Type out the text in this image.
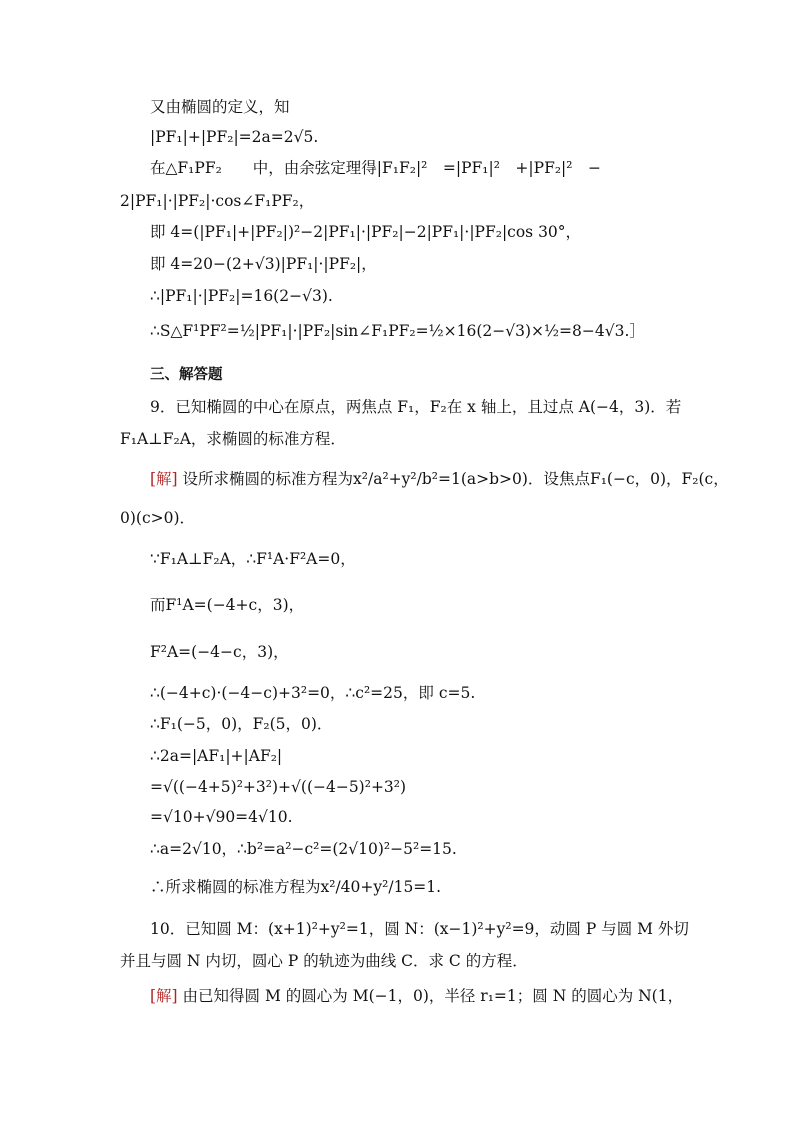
又由椭圆的定义，知
|PF₁|+|PF₂|=2a=2√5.
在△F₁PF₂　　中，由余弦定理得|F₁F₂|²　=|PF₁|²　+|PF₂|²　−
2|PF₁|·|PF₂|·cos∠F₁PF₂，
即 4=(|PF₁|+|PF₂|)²−2|PF₁|·|PF₂|−2|PF₁|·|PF₂|cos 30°，
即 4=20−(2+√3)|PF₁|·|PF₂|，
∴|PF₁|·|PF₂|=16(2−√3).
∴S△F¹PF²=½|PF₁|·|PF₂|sin∠F₁PF₂=½×16(2−√3)×½=8−4√3.］
三、解答题
9．已知椭圆的中心在原点，两焦点 F₁，F₂在 x 轴上，且过点 A(−4，3)．若
F₁A⊥F₂A，求椭圆的标准方程．
[解] 设所求椭圆的标准方程为x²/a²+y²/b²=1(a>b>0)．设焦点F₁(−c，0)，F₂(c，
0)(c>0)．
∵F₁A⊥F₂A，∴F¹A·F²A=0，
而F¹A=(−4+c，3)，
F²A=(−4−c，3)，
∴(−4+c)·(−4−c)+3²=0，∴c²=25，即 c=5.
∴F₁(−5，0)，F₂(5，0)．
∴2a=|AF₁|+|AF₂|
=√((−4+5)²+3²)+√((−4−5)²+3²)
=√10+√90=4√10.
∴a=2√10，∴b²=a²−c²=(2√10)²−5²=15.
∴所求椭圆的标准方程为x²/40+y²/15=1.
10．已知圆 M：(x+1)²+y²=1，圆 N：(x−1)²+y²=9，动圆 P 与圆 M 外切
并且与圆 N 内切，圆心 P 的轨迹为曲线 C．求 C 的方程．
[解] 由已知得圆 M 的圆心为 M(−1，0)，半径 r₁=1；圆 N 的圆心为 N(1，
